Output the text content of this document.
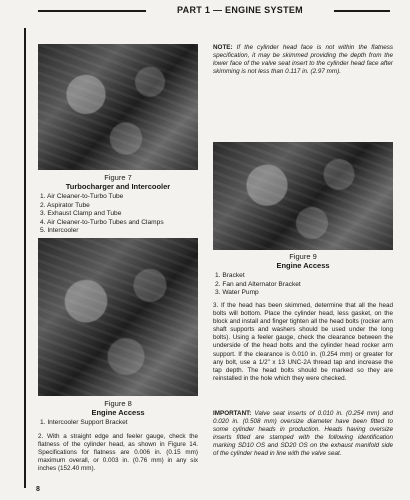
PART 1 — ENGINE SYSTEM
Figure 7
Turbocharger and Intercooler
1. Air Cleaner-to-Turbo Tube
2. Aspirator Tube
3. Exhaust Clamp and Tube
4. Air Cleaner-to-Turbo Tubes and Clamps
5. Intercooler

NOTE: If the cylinder head face is not within the flatness specification, it may be skimmed providing the depth from the lower face of the valve seat insert to the cylinder head face after skimming is not less than 0.117 in. (2.97 mm).

Figure 9
Engine Access
1. Bracket
2. Fan and Alternator Bracket
3. Water Pump
Figure 8
Engine Access
1. Intercooler Support Bracket

2. With a straight edge and feeler gauge, check the flatness of the cylinder head, as shown in Figure 14. Specifications for flatness are 0.006 in. (0.15 mm) maximum overall, or 0.003 in. (0.76 mm) in any six inches (152.40 mm).

3. If the head has been skimmed, determine that all the head bolts will bottom. Place the cylinder head, less gasket, on the block and install and finger tighten all the head bolts (rocker arm shaft supports and washers should be used under the long bolts). Using a feeler gauge, check the clearance between the underside of the head bolts and the cylinder head rocker arm support. If the clearance is 0.010 in. (0.254 mm) or greater for any bolt, use a 1/2" x 13 UNC-2A thread tap and increase the tap depth. The head bolts should be marked so they are reinstalled in the hole which they were checked.

IMPORTANT: Valve seat inserts of 0.010 in. (0.254 mm) and 0.020 in. (0.508 mm) oversize diameter have been fitted to some cylinder heads in production. Heads having oversize inserts fitted are stamped with the following identification marking SD10 OS and SD20 OS on the exhaust manifold side of the cylinder head in line with the valve seat.

8
